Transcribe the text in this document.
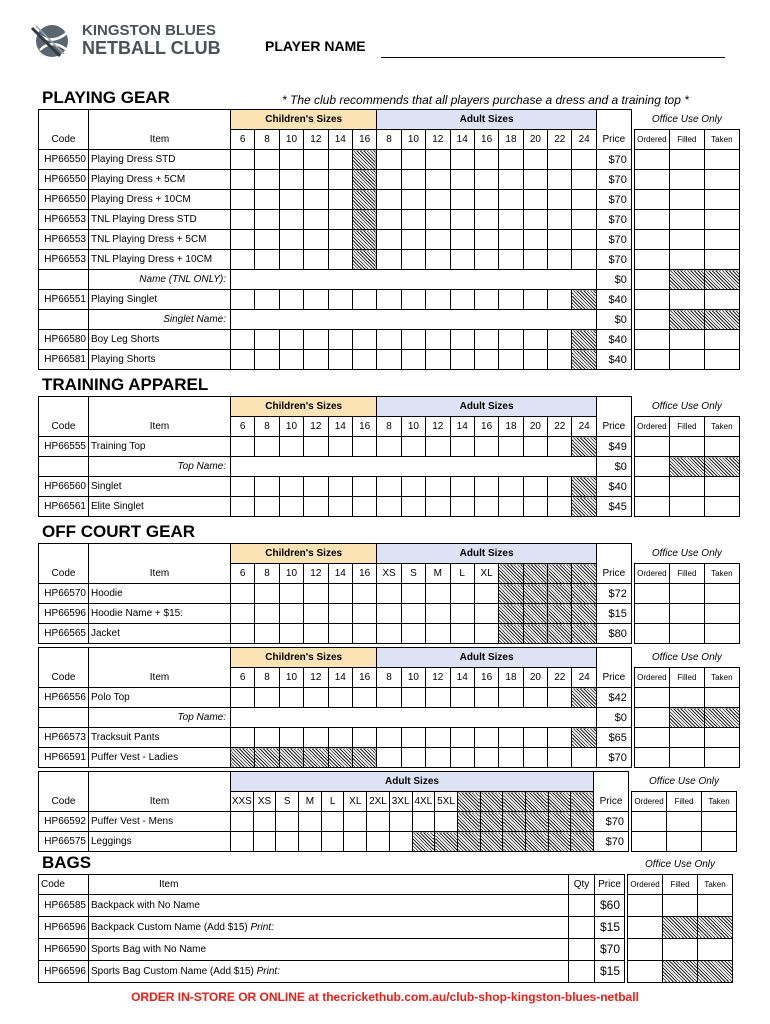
KINGSTON BLUES
NETBALL CLUB	PLAYER NAME
PLAYING GEAR	* The club recommends that all players purchase a dress and a training top *
		Children's Sizes						Adult Sizes											Office Use Only		
Code	Item	6	8	10	12	14	16	8	10	12	14	16	18	20	22	24	Price		Ordered	Filled	Taken
HP66550	Playing Dress STD																$70				
HP66550	Playing Dress + 5CM																$70				
HP66550	Playing Dress + 10CM																$70				
HP66553	TNL Playing Dress STD																$70				
HP66553	TNL Playing Dress + 5CM																$70				
HP66553	TNL Playing Dress + 10CM																$70				
	Name (TNL ONLY):																$0				
HP66551	Playing Singlet																$40				
	Singlet Name:																$0				
HP66580	Boy Leg Shorts																$40				
HP66581	Playing Shorts																$40				
TRAINING APPAREL
		Children's Sizes						Adult Sizes											Office Use Only		
Code	Item	6	8	10	12	14	16	8	10	12	14	16	18	20	22	24	Price		Ordered	Filled	Taken
HP66555	Training Top																$49				
	Top Name:																$0				
HP66560	Singlet																$40				
HP66561	Elite Singlet																$45				
OFF COURT GEAR
		Children's Sizes						Adult Sizes											Office Use Only		
Code	Item	6	8	10	12	14	16	XS	S	M	L	XL					Price		Ordered	Filled	Taken
HP66570	Hoodie																$72				
HP66596	Hoodie Name + $15:																$15				
HP66565	Jacket																$80				
		Children's Sizes						Adult Sizes											Office Use Only		
Code	Item	6	8	10	12	14	16	8	10	12	14	16	18	20	22	24	Price		Ordered	Filled	Taken
HP66556	Polo Top																$42				
	Top Name:																$0				
HP66573	Tracksuit Pants																$65				
HP66591	Puffer Vest - Ladies																$70				
		Adult Sizes																		Office Use Only		
Code	Item	XXS	XS	S	M	L	XL	2XL	3XL	4XL	5XL							Price		Ordered	Filled	Taken
HP66592	Puffer Vest - Mens																	$70				
HP66575	Leggings																	$70				
BAGS
					Office Use Only		
Code	Item	Qty	Price		Ordered	Filled	Taken
HP66585	Backpack with No Name		$60				
HP66596	Backpack Custom Name (Add $15) Print:		$15				
HP66590	Sports Bag with No Name		$70				
HP66596	Sports Bag Custom Name (Add $15) Print:		$15				
ORDER IN-STORE OR ONLINE at thecrickethub.com.au/club-shop-kingston-blues-netball
